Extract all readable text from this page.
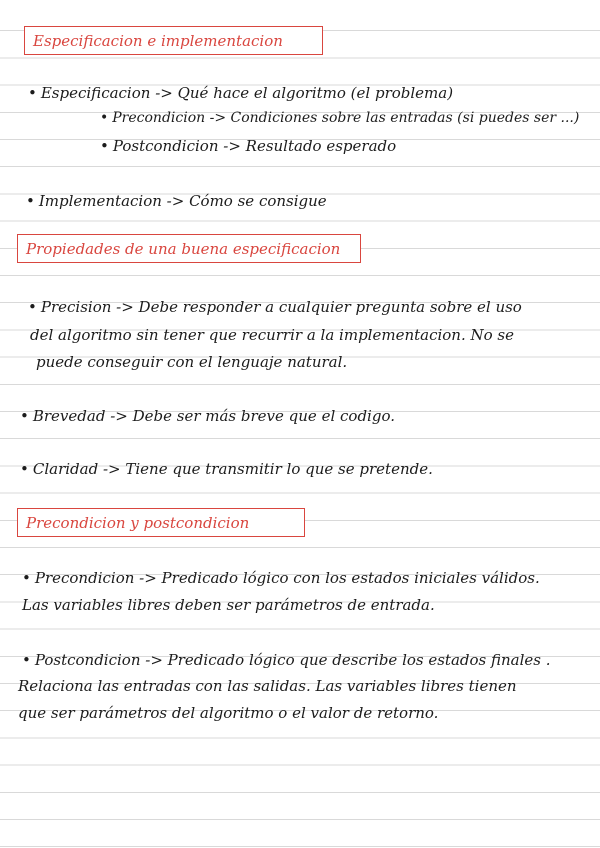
Especificacion e implementacion
• Especificacion -> Qué hace el algoritmo (el problema)
• Precondicion -> Condiciones sobre las entradas (si puedes ser ...)
• Postcondicion -> Resultado esperado
• Implementacion -> Cómo se consigue
Propiedades de una buena especificacion
• Precision -> Debe responder a cualquier pregunta sobre el uso
del algoritmo sin tener que recurrir a la implementacion. No se
puede conseguir con el lenguaje natural.
• Brevedad -> Debe ser más breve que el codigo.
• Claridad -> Tiene que transmitir lo que se pretende.
Precondicion y postcondicion
• Precondicion -> Predicado lógico con los estados iniciales válidos.
Las variables libres deben ser parámetros de entrada.
• Postcondicion -> Predicado lógico que describe los estados finales .
Relaciona las entradas con las salidas. Las variables libres tienen
que ser parámetros del algoritmo o el valor de retorno.
